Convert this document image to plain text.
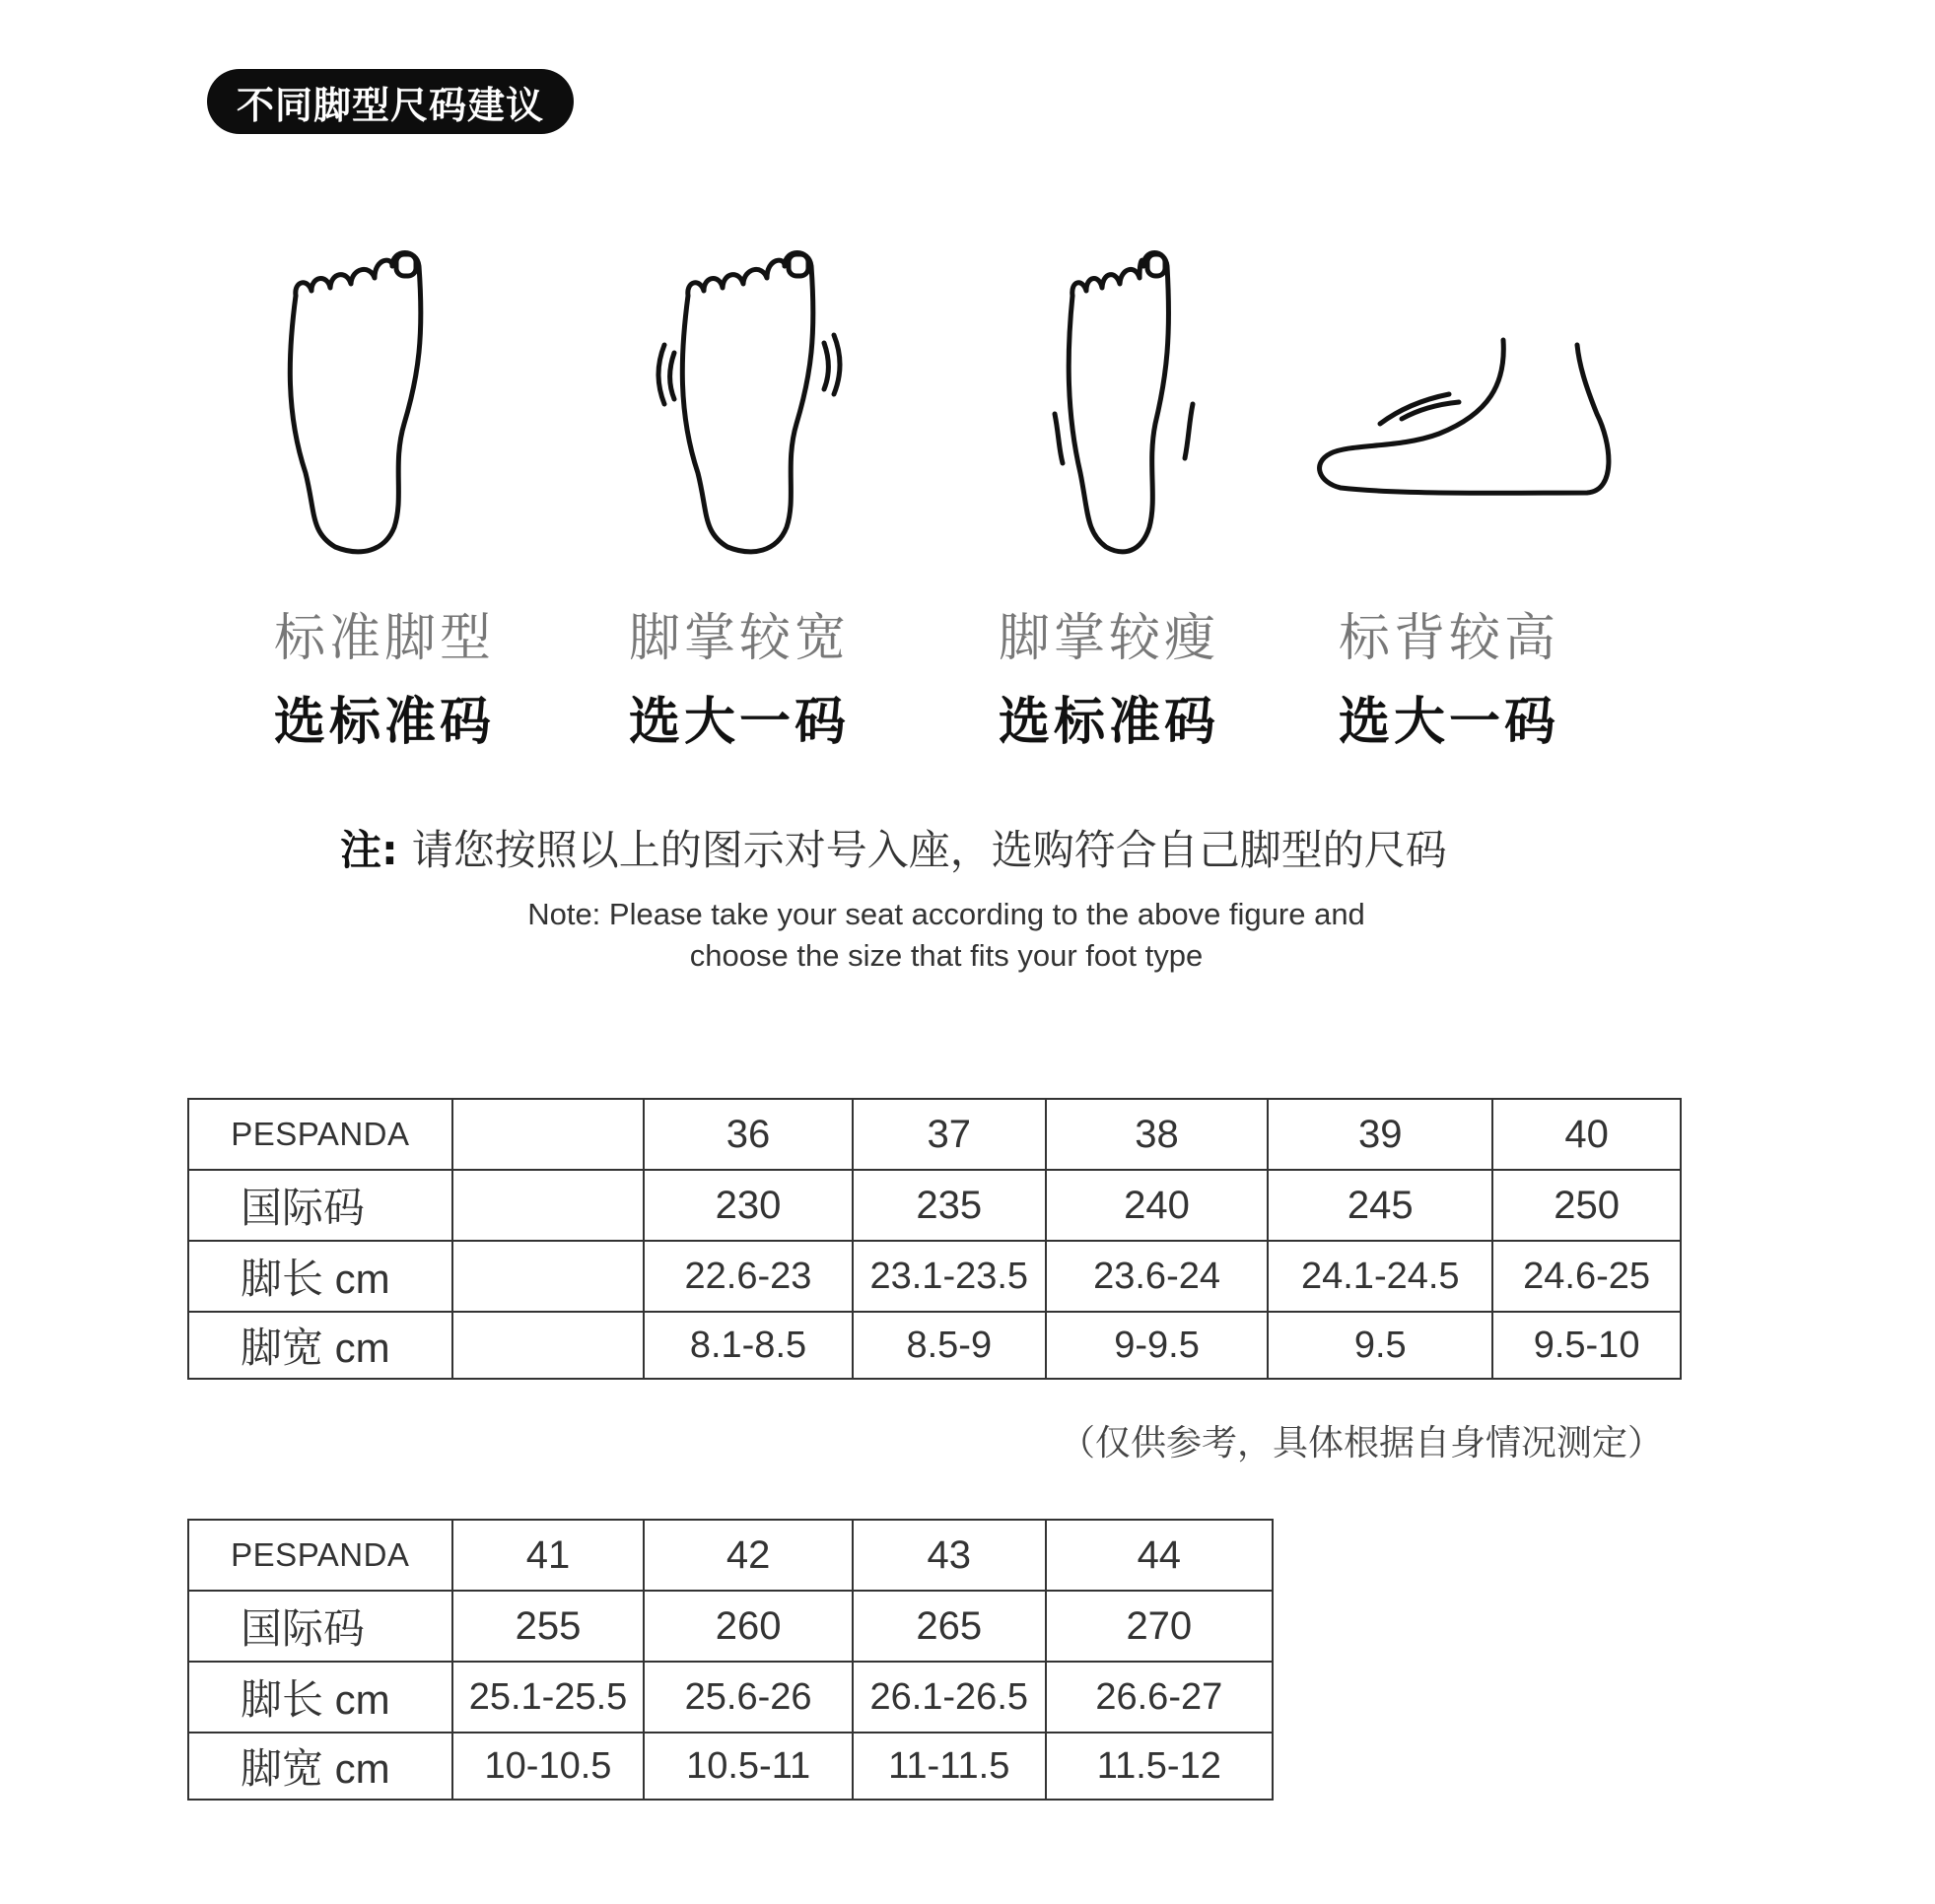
不同脚型尺码建议
标准脚型	脚掌较宽	脚掌较瘦	标背较高
选标准码	选大一码	选标准码	选大一码
注: 请您按照以上的图示对号入座，选购符合自己脚型的尺码
Note: Please take your seat according to the above figure and
choose the size that fits your foot type
PESPANDA		36	37	38	39	40
国际码		230	235	240	245	250
脚长 cm		22.6-23	23.1-23.5	23.6-24	24.1-24.5	24.6-25
脚宽 cm		8.1-8.5	8.5-9	9-9.5	9.5	9.5-10
（仅供参考，具体根据自身情况测定）
PESPANDA	41	42	43	44
国际码	255	260	265	270
脚长 cm	25.1-25.5	25.6-26	26.1-26.5	26.6-27
脚宽 cm	10-10.5	10.5-11	11-11.5	11.5-12
